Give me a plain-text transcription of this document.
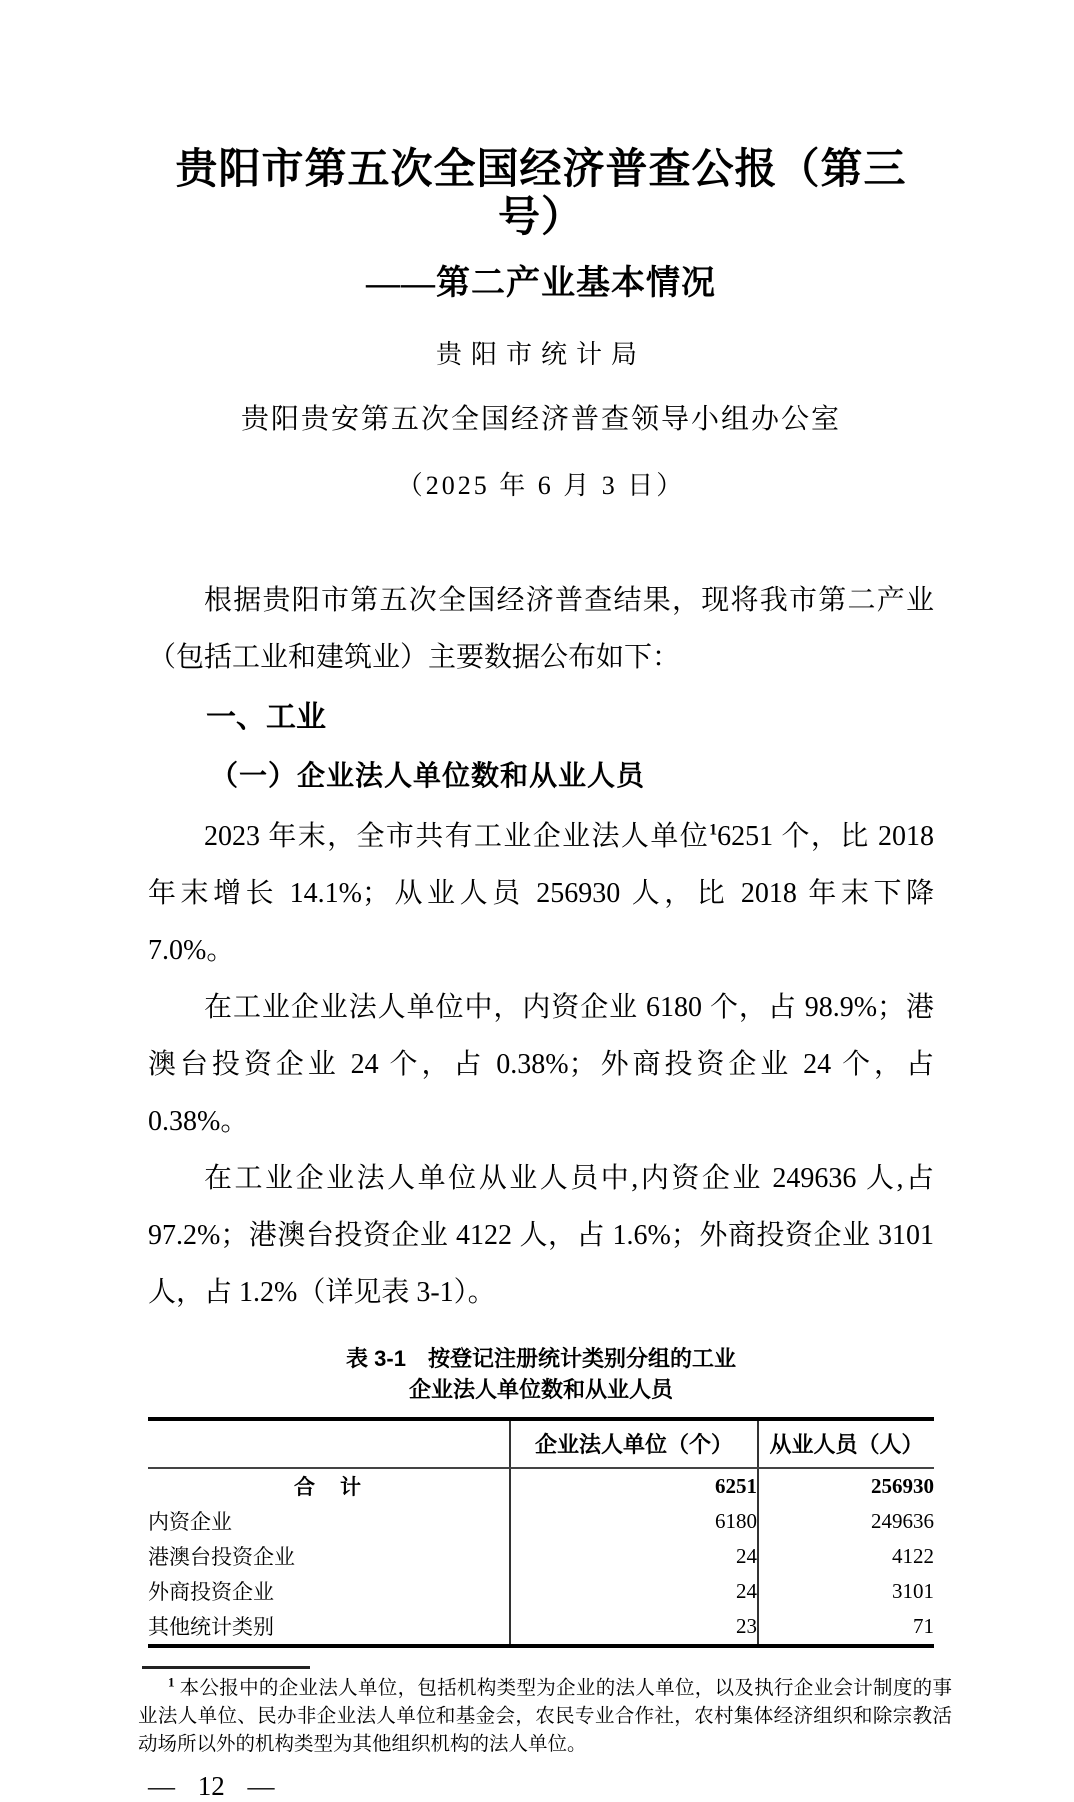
贵阳市第五次全国经济普查公报（第三号）
——第二产业基本情况
贵阳市统计局
贵阳贵安第五次全国经济普查领导小组办公室
（2025 年 6 月 3 日）

根据贵阳市第五次全国经济普查结果，现将我市第二产业（包括工业和建筑业）主要数据公布如下：

一、工业
（一）企业法人单位数和从业人员

2023 年末，全市共有工业企业法人单位$^1$6251 个，比 2018 年末增长 14.1%；从业人员 256930 人，比 2018 年末下降 7.0%。

在工业企业法人单位中，内资企业 6180 个，占 98.9%；港澳台投资企业 24 个，占 0.38%；外商投资企业 24 个，占 0.38%。

在工业企业法人单位从业人员中,内资企业 249636 人,占 97.2%；港澳台投资企业 4122 人，占 1.6%；外商投资企业 3101 人，占 1.2%（详见表 3-1）。

表 3-1　按登记注册统计类别分组的工业
企业法人单位数和从业人员
	企业法人单位（个）	从业人员（人）
合　计	6251	256930
内资企业	6180	249636
港澳台投资企业	24	4122
外商投资企业	24	3101
其他统计类别	23	71

$^1$ 本公报中的企业法人单位，包括机构类型为企业的法人单位，以及执行企业会计制度的事业法人单位、民办非企业法人单位和基金会，农民专业合作社，农村集体经济组织和除宗教活动场所以外的机构类型为其他组织机构的法人单位。

— 12 —
